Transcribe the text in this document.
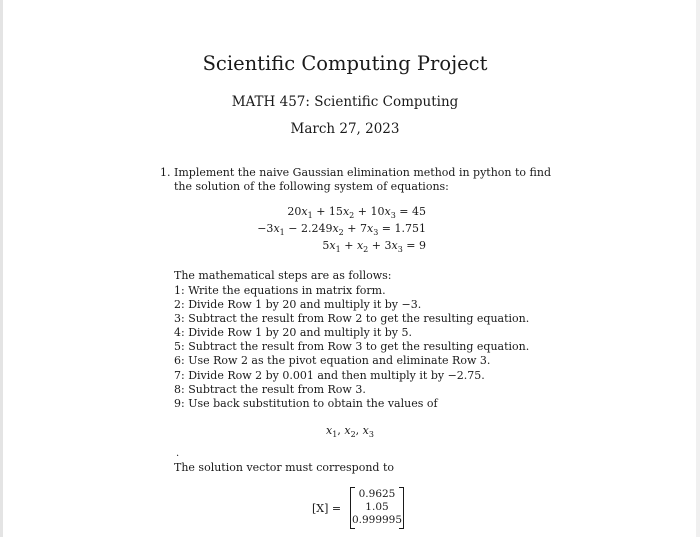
Scientific Computing Project
MATH 457: Scientific Computing
March 27, 2023
1. Implement the naive Gaussian elimination method in python to find the solution of the following system of equations:
$20x_1 + 15x_2 + 10x_3 = 45$
$-3x_1 - 2.249x_2 + 7x_3 = 1.751$
$5x_1 + x_2 + 3x_3 = 9$
The mathematical steps are as follows:
1: Write the equations in matrix form.
2: Divide Row 1 by 20 and multiply it by −3.
3: Subtract the result from Row 2 to get the resulting equation.
4: Divide Row 1 by 20 and multiply it by 5.
5: Subtract the result from Row 3 to get the resulting equation.
6: Use Row 2 as the pivot equation and eliminate Row 3.
7: Divide Row 2 by 0.001 and then multiply it by −2.75.
8: Subtract the result from Row 3.
9: Use back substitution to obtain the values of
$x_1$, $x_2$, $x_3$
.
The solution vector must correspond to
[X] =
0.9625
1.05
0.999995
